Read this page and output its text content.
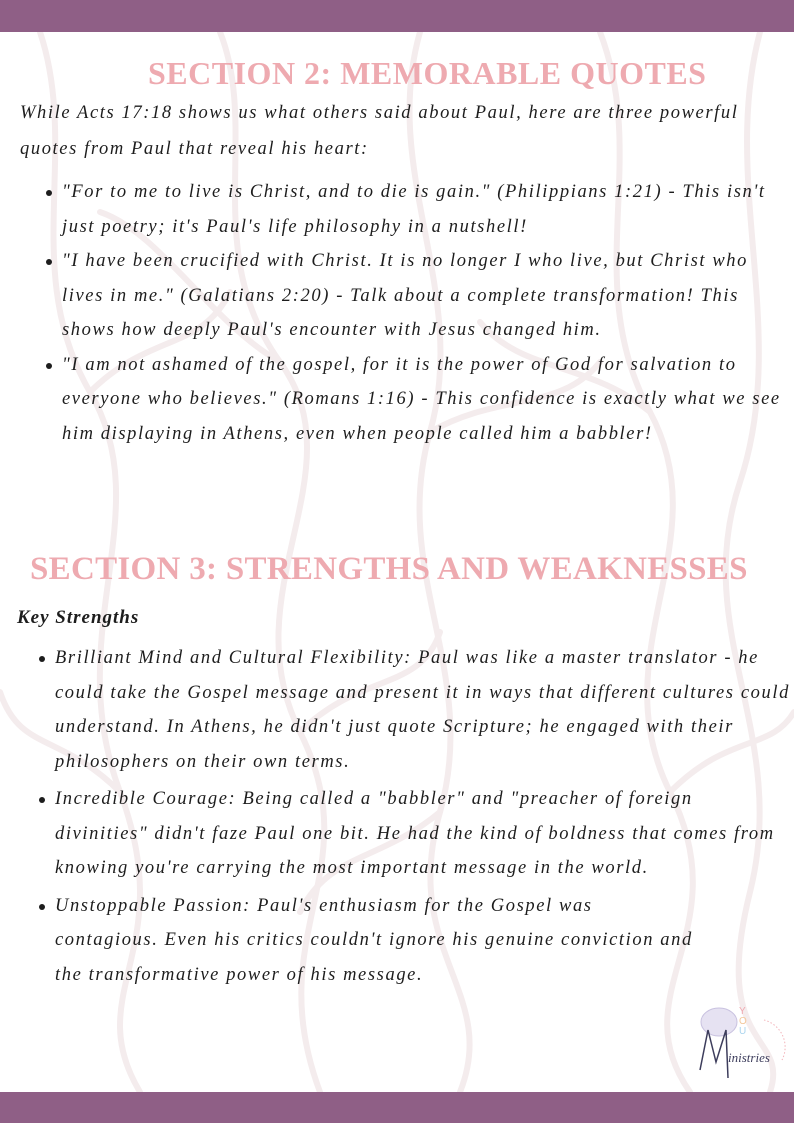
SECTION 2: MEMORABLE QUOTES
While Acts 17:18 shows us what others said about Paul, here are three powerful quotes from Paul that reveal his heart:
"For to me to live is Christ, and to die is gain." (Philippians 1:21) - This isn't just poetry; it's Paul's life philosophy in a nutshell!
"I have been crucified with Christ. It is no longer I who live, but Christ who lives in me." (Galatians 2:20) - Talk about a complete transformation! This shows how deeply Paul's encounter with Jesus changed him.
"I am not ashamed of the gospel, for it is the power of God for salvation to everyone who believes." (Romans 1:16) - This confidence is exactly what we see him displaying in Athens, even when people called him a babbler!
SECTION 3: STRENGTHS AND WEAKNESSES
Key Strengths
Brilliant Mind and Cultural Flexibility: Paul was like a master translator - he could take the Gospel message and present it in ways that different cultures could understand. In Athens, he didn't just quote Scripture; he engaged with their philosophers on their own terms.
Incredible Courage: Being called a "babbler" and "preacher of foreign divinities" didn't faze Paul one bit. He had the kind of boldness that comes from knowing you're carrying the most important message in the world.
Unstoppable Passion: Paul's enthusiasm for the Gospel was contagious. Even his critics couldn't ignore his genuine conviction and the transformative power of his message.
Y
O
U
inistries
